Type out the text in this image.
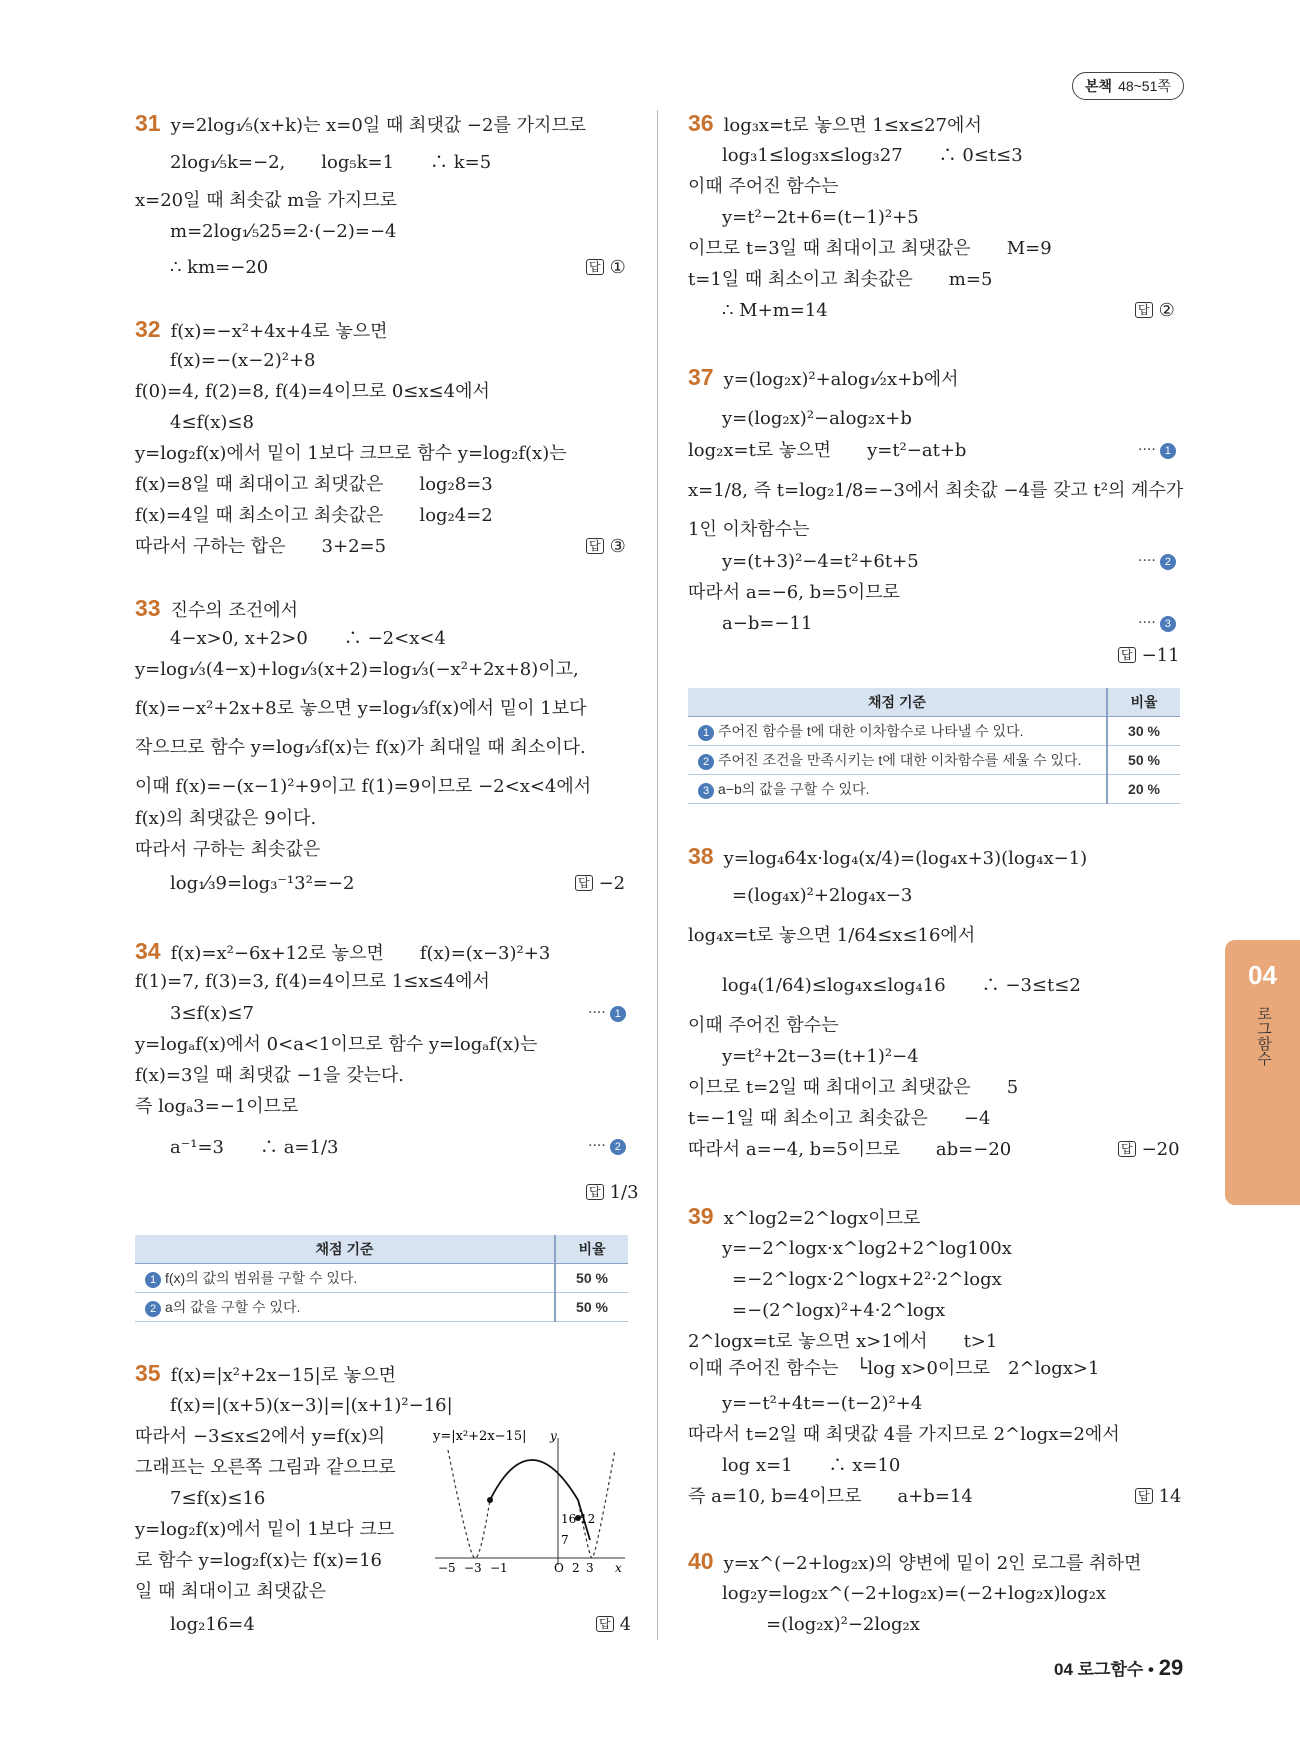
본책 48~51쪽
31 y=2log₁⁄₅(x+k)는 x=0일 때 최댓값 −2를 가지므로
2log₁⁄₅k=−2,　　log₅k=1　　∴ k=5
x=20일 때 최솟값 m을 가지므로
m=2log₁⁄₅25=2·(−2)=−4
∴ km=−20	답 ①
32 f(x)=−x²+4x+4로 놓으면
f(x)=−(x−2)²+8
f(0)=4, f(2)=8, f(4)=4이므로 0≤x≤4에서
4≤f(x)≤8
y=log₂f(x)에서 밑이 1보다 크므로 함수 y=log₂f(x)는
f(x)=8일 때 최대이고 최댓값은　　log₂8=3
f(x)=4일 때 최소이고 최솟값은　　log₂4=2
따라서 구하는 합은　　3+2=5	답 ③
33 진수의 조건에서
4−x>0, x+2>0　　∴ −2<x<4
y=log₁⁄₃(4−x)+log₁⁄₃(x+2)=log₁⁄₃(−x²+2x+8)이고,
f(x)=−x²+2x+8로 놓으면 y=log₁⁄₃f(x)에서 밑이 1보다
작으므로 함수 y=log₁⁄₃f(x)는 f(x)가 최대일 때 최소이다.
이때 f(x)=−(x−1)²+9이고 f(1)=9이므로 −2<x<4에서
f(x)의 최댓값은 9이다.
따라서 구하는 최솟값은
log₁⁄₃9=log₃⁻¹3²=−2	답 −2
34 f(x)=x²−6x+12로 놓으면　　f(x)=(x−3)²+3
f(1)=7, f(3)=3, f(4)=4이므로 1≤x≤4에서
3≤f(x)≤7	···· 1
y=logₐf(x)에서 0<a<1이므로 함수 y=logₐf(x)는
f(x)=3일 때 최댓값 −1을 갖는다.
즉 logₐ3=−1이므로
a⁻¹=3　　∴ a=1/3	···· 2
답 1/3
채점 기준	비율
1 f(x)의 값의 범위를 구할 수 있다.	50 %
2 a의 값을 구할 수 있다.	50 %
35 f(x)=|x²+2x−15|로 놓으면
f(x)=|(x+5)(x−3)|=|(x+1)²−16|
따라서 −3≤x≤2에서 y=f(x)의
그래프는 오른쪽 그림과 같으므로
7≤f(x)≤16
y=log₂f(x)에서 밑이 1보다 크므
로 함수 y=log₂f(x)는 f(x)=16
일 때 최대이고 최댓값은
log₂16=4	답 4
y=|x²+2x−15| y
x
16 12
7
−5 −3 −1	O 2 3
36 log₃x=t로 놓으면 1≤x≤27에서
log₃1≤log₃x≤log₃27　　∴ 0≤t≤3
이때 주어진 함수는
y=t²−2t+6=(t−1)²+5
이므로 t=3일 때 최대이고 최댓값은　　M=9
t=1일 때 최소이고 최솟값은　　m=5
∴ M+m=14	답 ②
37 y=(log₂x)²+alog₁⁄₂x+b에서
y=(log₂x)²−alog₂x+b
log₂x=t로 놓으면　　y=t²−at+b	···· 1
x=1/8, 즉 t=log₂1/8=−3에서 최솟값 −4를 갖고 t²의 계수가
1인 이차함수는
y=(t+3)²−4=t²+6t+5	···· 2
따라서 a=−6, b=5이므로
a−b=−11	···· 3
답 −11
채점 기준	비율
1 주어진 함수를 t에 대한 이차함수로 나타낼 수 있다.	30 %
2 주어진 조건을 만족시키는 t에 대한 이차함수를 세울 수 있다.	50 %
3 a−b의 값을 구할 수 있다.	20 %
38 y=log₄64x·log₄(x/4)=(log₄x+3)(log₄x−1)
=(log₄x)²+2log₄x−3
log₄x=t로 놓으면 1/64≤x≤16에서
log₄(1/64)≤log₄x≤log₄16　　∴ −3≤t≤2
이때 주어진 함수는
y=t²+2t−3=(t+1)²−4
이므로 t=2일 때 최대이고 최댓값은　　5
t=−1일 때 최소이고 최솟값은　　−4
따라서 a=−4, b=5이므로　　ab=−20	답 −20
39 x^log2=2^logx이므로
y=−2^logx·x^log2+2^log100x
=−2^logx·2^logx+2²·2^logx
=−(2^logx)²+4·2^logx
2^logx=t로 놓으면 x>1에서　　t>1
이때 주어진 함수는　└log x>0이므로　2^logx>1
y=−t²+4t=−(t−2)²+4
따라서 t=2일 때 최댓값 4를 가지므로 2^logx=2에서
log x=1　　∴ x=10
즉 a=10, b=4이므로　　a+b=14	답 14
40 y=x^(−2+log₂x)의 양변에 밑이 2인 로그를 취하면
log₂y=log₂x^(−2+log₂x)=(−2+log₂x)log₂x
=(log₂x)²−2log₂x
04
로그함수
04 로그함수 • 29
